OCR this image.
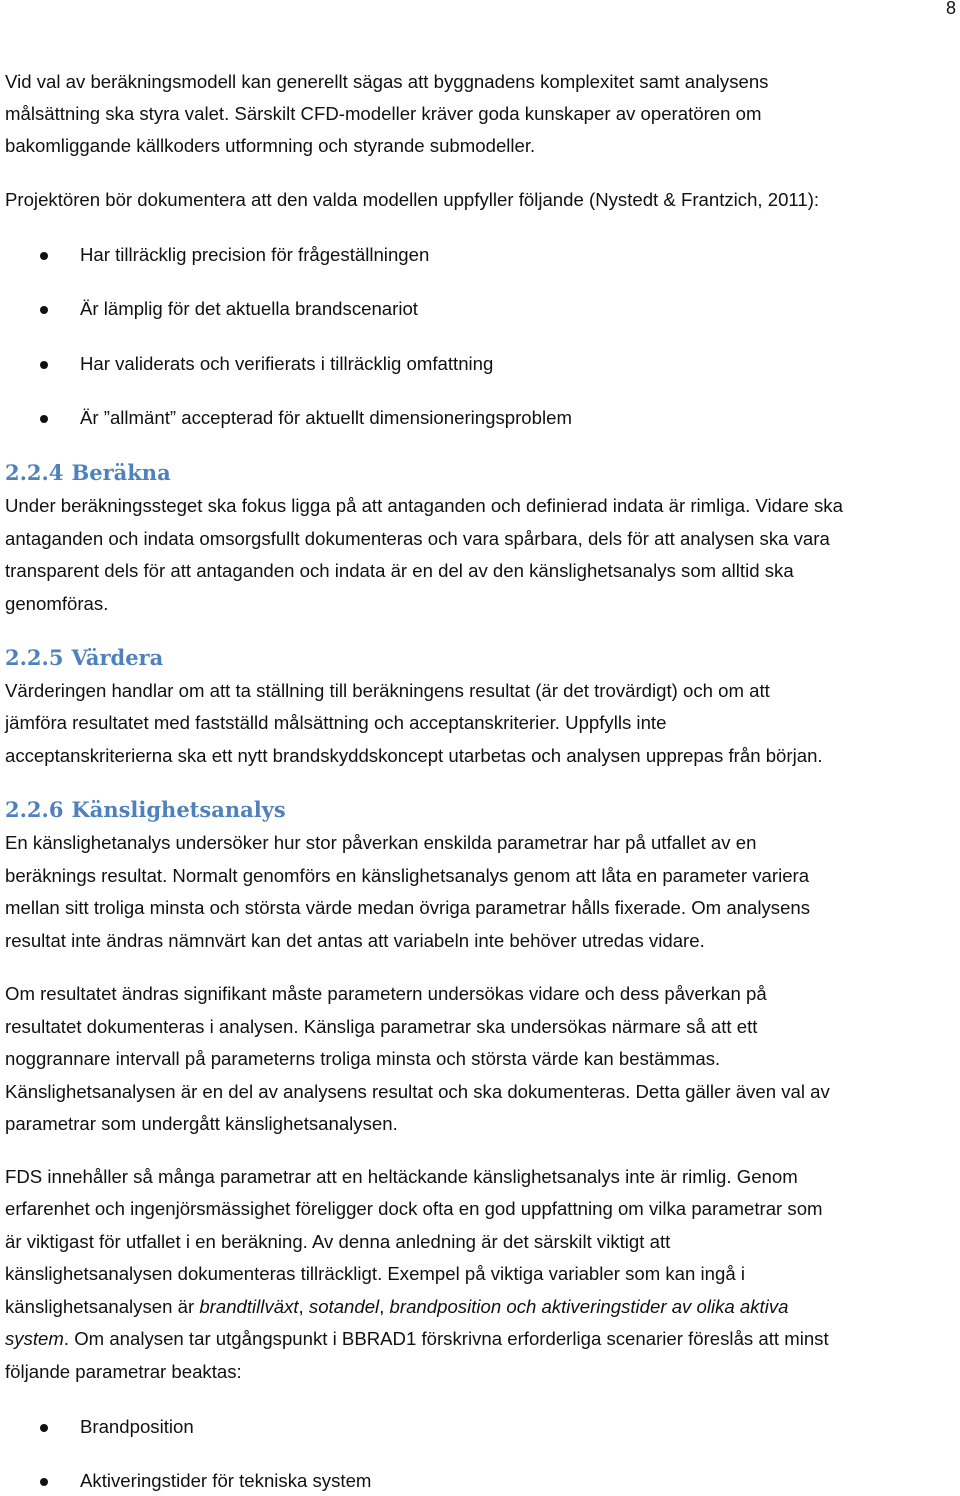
8
Vid val av beräkningsmodell kan generellt sägas att byggnadens komplexitet samt analysens
målsättning ska styra valet. Särskilt CFD-modeller kräver goda kunskaper av operatören om
bakomliggande källkoders utformning och styrande submodeller.
Projektören bör dokumentera att den valda modellen uppfyller följande (Nystedt & Frantzich, 2011):
Har tillräcklig precision för frågeställningen
Är lämplig för det aktuella brandscenariot
Har validerats och verifierats i tillräcklig omfattning
Är ”allmänt” accepterad för aktuellt dimensioneringsproblem
2.2.4 Beräkna
Under beräkningssteget ska fokus ligga på att antaganden och definierad indata är rimliga. Vidare ska
antaganden och indata omsorgsfullt dokumenteras och vara spårbara, dels för att analysen ska vara
transparent dels för att antaganden och indata är en del av den känslighetsanalys som alltid ska
genomföras.
2.2.5 Värdera
Värderingen handlar om att ta ställning till beräkningens resultat (är det trovärdigt) och om att
jämföra resultatet med fastställd målsättning och acceptanskriterier. Uppfylls inte
acceptanskriterierna ska ett nytt brandskyddskoncept utarbetas och analysen upprepas från början.
2.2.6 Känslighetsanalys
En känslighetanalys undersöker hur stor påverkan enskilda parametrar har på utfallet av en
beräknings resultat. Normalt genomförs en känslighetsanalys genom att låta en parameter variera
mellan sitt troliga minsta och största värde medan övriga parametrar hålls fixerade. Om analysens
resultat inte ändras nämnvärt kan det antas att variabeln inte behöver utredas vidare.
Om resultatet ändras signifikant måste parametern undersökas vidare och dess påverkan på
resultatet dokumenteras i analysen. Känsliga parametrar ska undersökas närmare så att ett
noggrannare intervall på parameterns troliga minsta och största värde kan bestämmas.
Känslighetsanalysen är en del av analysens resultat och ska dokumenteras. Detta gäller även val av
parametrar som undergått känslighetsanalysen.
FDS innehåller så många parametrar att en heltäckande känslighetsanalys inte är rimlig. Genom
erfarenhet och ingenjörsmässighet föreligger dock ofta en god uppfattning om vilka parametrar som
är viktigast för utfallet i en beräkning. Av denna anledning är det särskilt viktigt att
känslighetsanalysen dokumenteras tillräckligt. Exempel på viktiga variabler som kan ingå i
känslighetsanalysen är brandtillväxt, sotandel, brandposition och aktiveringstider av olika aktiva
system. Om analysen tar utgångspunkt i BBRAD1 förskrivna erforderliga scenarier föreslås att minst
följande parametrar beaktas:
Brandposition
Aktiveringstider för tekniska system
